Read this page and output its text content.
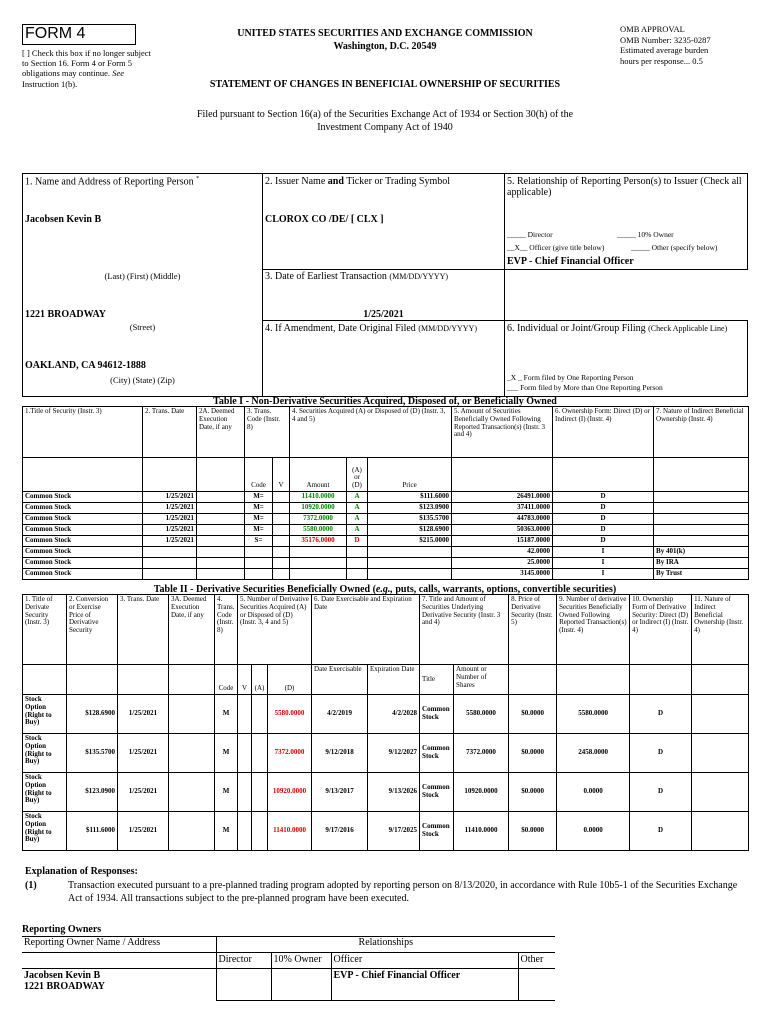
FORM 4
[ ] Check this box if no longer subject to Section 16. Form 4 or Form 5 obligations may continue. See Instruction 1(b).
UNITED STATES SECURITIES AND EXCHANGE COMMISSION
Washington, D.C. 20549
OMB APPROVAL
OMB Number: 3235-0287
Estimated average burden
hours per response... 0.5
STATEMENT OF CHANGES IN BENEFICIAL OWNERSHIP OF SECURITIES
Filed pursuant to Section 16(a) of the Securities Exchange Act of 1934 or Section 30(h) of the
Investment Company Act of 1940
1. Name and Address of Reporting Person *
Jacobsen Kevin B
(Last) (First) (Middle)
1221 BROADWAY
(Street)
OAKLAND, CA 94612-1888
(City) (State) (Zip)
2. Issuer Name and Ticker or Trading Symbol
CLOROX CO /DE/ [ CLX ]
3. Date of Earliest Transaction (MM/DD/YYYY)
1/25/2021
4. If Amendment, Date Original Filed (MM/DD/YYYY)
5. Relationship of Reporting Person(s) to Issuer (Check all applicable)
_____ Director	_____ 10% Owner
__X__ Officer (give title below)	_____ Other (specify below)
EVP - Chief Financial Officer
6. Individual or Joint/Group Filing (Check Applicable Line)
_X _ Form filed by One Reporting Person
___ Form filed by More than One Reporting Person
Table I - Non-Derivative Securities Acquired, Disposed of, or Beneficially Owned
1.Title of Security (Instr. 3)	2. Trans. Date	2A. Deemed Execution Date, if any	3. Trans. Code (Instr. 8)		4. Securities Acquired (A) or Disposed of (D) (Instr. 3, 4 and 5)			5. Amount of Securities Beneficially Owned Following Reported Transaction(s) (Instr. 3 and 4)	6. Ownership Form: Direct (D) or Indirect (I) (Instr. 4)	7. Nature of Indirect Beneficial Ownership (Instr. 4)
			Code	V	Amount	(A) or (D)	Price			
Common Stock	1/25/2021		M=		11410.0000	A	$111.6000	26491.0000	D	
Common Stock	1/25/2021		M=		10920.0000	A	$123.0900	37411.0000	D	
Common Stock	1/25/2021		M=		7372.0000	A	$135.5700	44783.0000	D	
Common Stock	1/25/2021		M=		5580.0000	A	$128.6900	50363.0000	D	
Common Stock	1/25/2021		S=		35176.0000	D	$215.0000	15187.0000	D	
Common Stock								42.0000	I	By 401(k)
Common Stock								25.0000	I	By IRA
Common Stock								3145.0000	I	By Trust
Table II - Derivative Securities Beneficially Owned (e.g., puts, calls, warrants, options, convertible securities)
1. Title of Derivate Security (Instr. 3)	2. Conversion or Exercise Price of Derivative Security	3. Trans. Date	3A. Deemed Execution Date, if any	4. Trans. Code (Instr. 8)	5. Number of Derivative Securities Acquired (A) or Disposed of (D) (Instr. 3, 4 and 5)			6. Date Exercisable and Expiration Date		7. Title and Amount of Securities Underlying Derivative Security (Instr. 3 and 4)		8. Price of Derivative Security (Instr. 5)	9. Number of derivative Securities Beneficially Owned Following Reported Transaction(s) (Instr. 4)	10. Ownership Form of Derivative Security: Direct (D) or Indirect (I) (Instr. 4)	11. Nature of Indirect Beneficial Ownership (Instr. 4)
				Code	V	(A)	(D)	Date Exercisable	Expiration Date	Title	Amount or Number of Shares				
Stock Option (Right to Buy)	$128.6900	1/25/2021		M			5580.0000	4/2/2019	4/2/2028	Common Stock	5580.0000	$0.0000	5580.0000	D	
Stock Option (Right to Buy)	$135.5700	1/25/2021		M			7372.0000	9/12/2018	9/12/2027	Common Stock	7372.0000	$0.0000	2458.0000	D	
Stock Option (Right to Buy)	$123.0900	1/25/2021		M			10920.0000	9/13/2017	9/13/2026	Common Stock	10920.0000	$0.0000	0.0000	D	
Stock Option (Right to Buy)	$111.6000	1/25/2021		M			11410.0000	9/17/2016	9/17/2025	Common Stock	11410.0000	$0.0000	0.0000	D	
Explanation of Responses:
(1)	Transaction executed pursuant to a pre-planned trading program adopted by reporting person on 8/13/2020, in accordance with Rule 10b5-1 of the Securities Exchange Act of 1934. All transactions subject to the pre-planned program have been executed.
Reporting Owners
Reporting Owner Name / Address	Relationships			
	Director	10% Owner	Officer	Other

Jacobsen Kevin B
1221 BROADWAY			EVP - Chief Financial Officer	
